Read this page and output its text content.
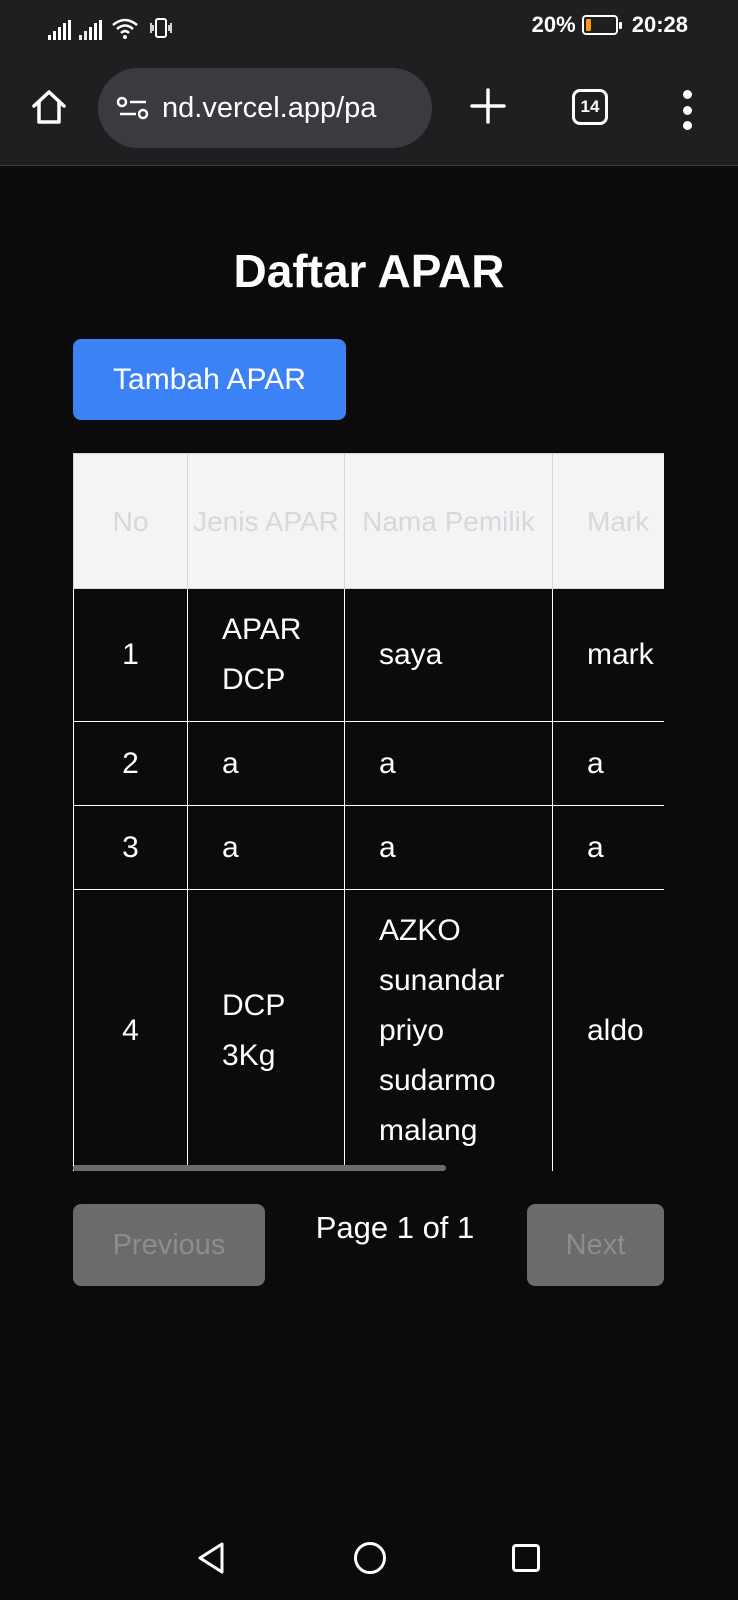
20%	20:28
nd.vercel.app/pa	14
Daftar APAR
Tambah APAR
No	Jenis APAR	Nama Pemilik	Mark
1	APAR DCP	saya	mark
2	a	a	a
3	a	a	a
4	DCP 3Kg	AZKO sunandar priyo sudarmo malang	aldo
Previous	Page 1 of 1	Next
